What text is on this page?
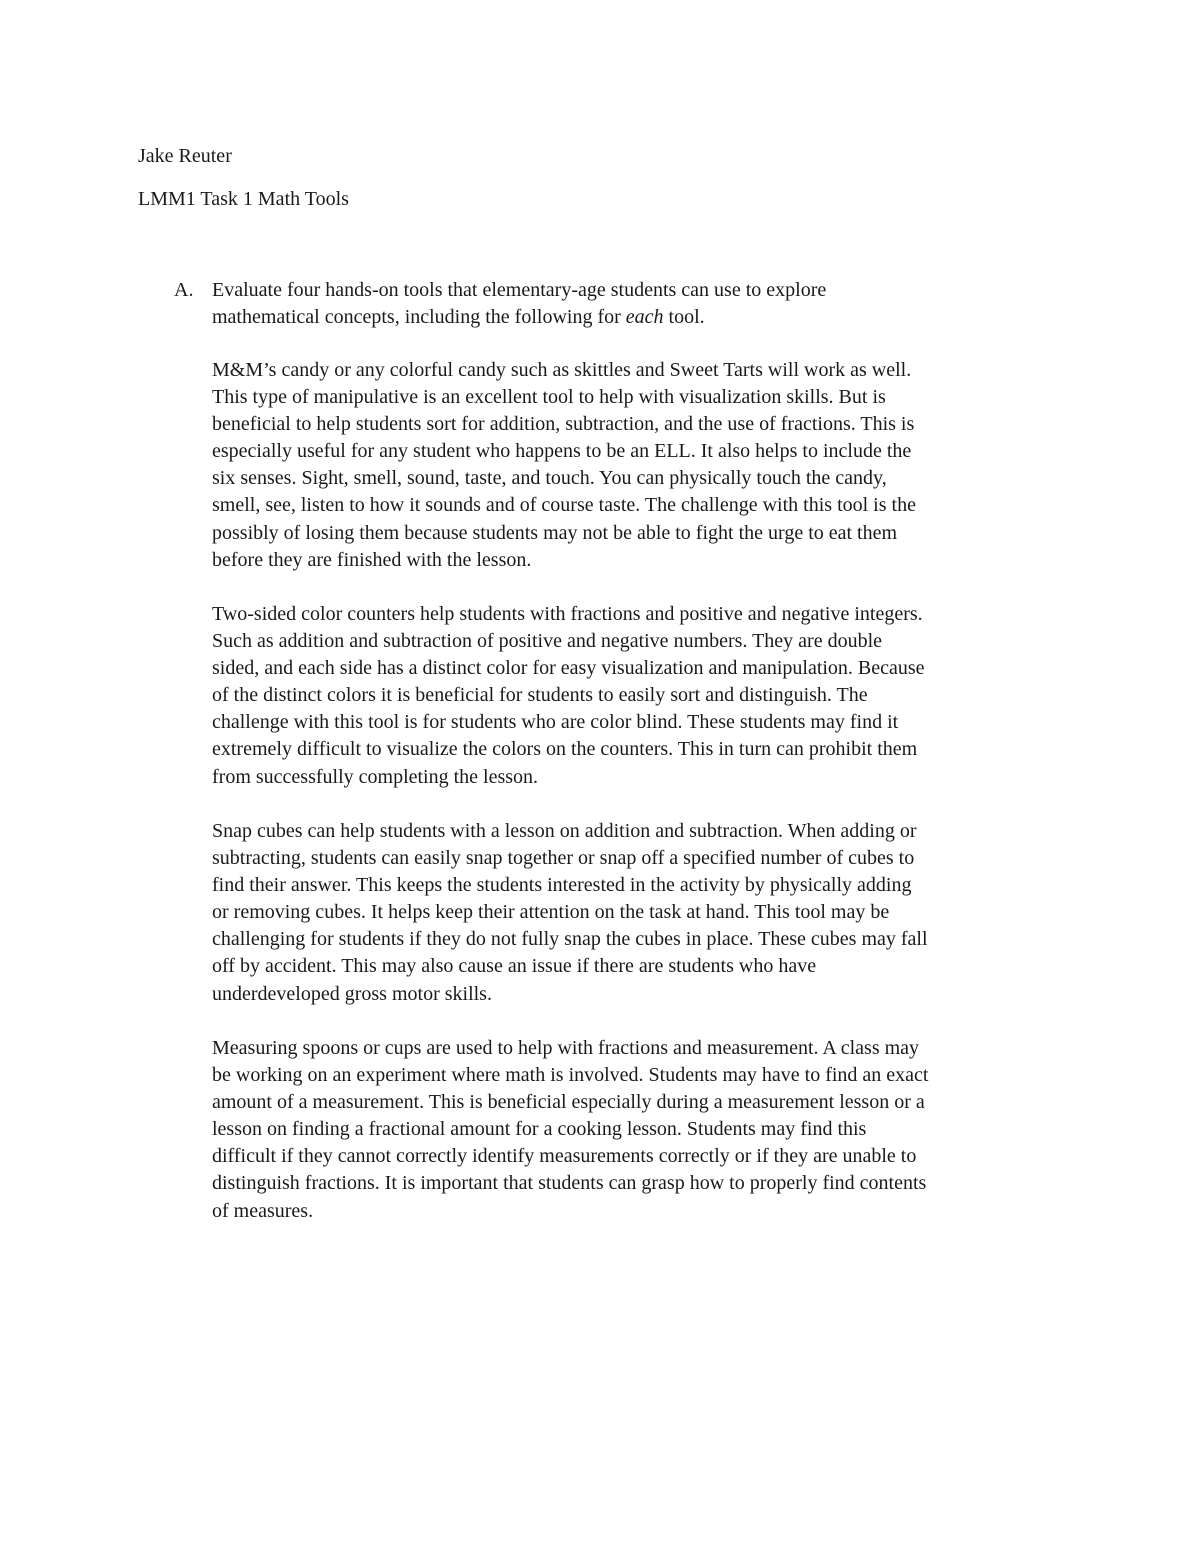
Jake Reuter
LMM1 Task 1 Math Tools
A. Evaluate four hands-on tools that elementary-age students can use to explore
mathematical concepts, including the following for each tool.
M&M’s candy or any colorful candy such as skittles and Sweet Tarts will work as well.
This type of manipulative is an excellent tool to help with visualization skills. But is
beneficial to help students sort for addition, subtraction, and the use of fractions. This is
especially useful for any student who happens to be an ELL. It also helps to include the
six senses. Sight, smell, sound, taste, and touch. You can physically touch the candy,
smell, see, listen to how it sounds and of course taste. The challenge with this tool is the
possibly of losing them because students may not be able to fight the urge to eat them
before they are finished with the lesson.
Two-sided color counters help students with fractions and positive and negative integers.
Such as addition and subtraction of positive and negative numbers. They are double
sided, and each side has a distinct color for easy visualization and manipulation. Because
of the distinct colors it is beneficial for students to easily sort and distinguish. The
challenge with this tool is for students who are color blind. These students may find it
extremely difficult to visualize the colors on the counters. This in turn can prohibit them
from successfully completing the lesson.
Snap cubes can help students with a lesson on addition and subtraction. When adding or
subtracting, students can easily snap together or snap off a specified number of cubes to
find their answer. This keeps the students interested in the activity by physically adding
or removing cubes. It helps keep their attention on the task at hand. This tool may be
challenging for students if they do not fully snap the cubes in place. These cubes may fall
off by accident. This may also cause an issue if there are students who have
underdeveloped gross motor skills.
Measuring spoons or cups are used to help with fractions and measurement. A class may
be working on an experiment where math is involved. Students may have to find an exact
amount of a measurement. This is beneficial especially during a measurement lesson or a
lesson on finding a fractional amount for a cooking lesson. Students may find this
difficult if they cannot correctly identify measurements correctly or if they are unable to
distinguish fractions. It is important that students can grasp how to properly find contents
of measures.
